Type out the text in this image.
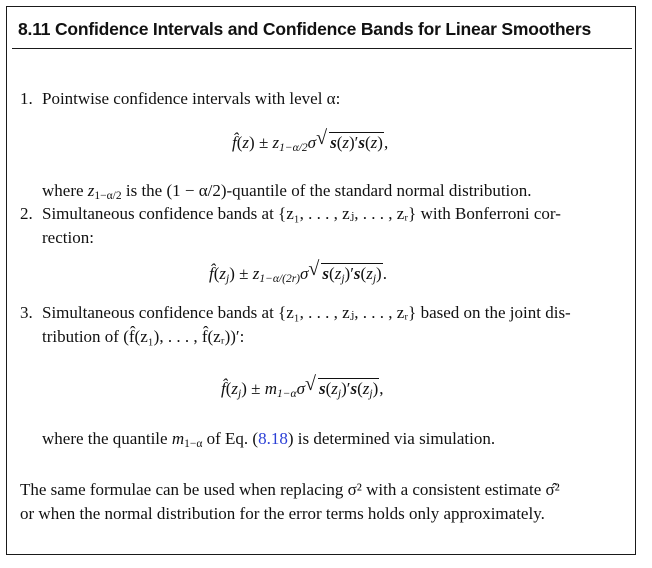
8.11 Confidence Intervals and Confidence Bands for Linear Smoothers
1. Pointwise confidence intervals with level α:
f̂(z) ± $z_{1-\alpha/2}\sigma$ √ s(z)′s(z),
where $z_{1-\alpha/2}$ is the (1 − α/2)-quantile of the standard normal distribution.
2. Simultaneous confidence bands at {z₁, . . . , zⱼ, . . . , zᵣ} with Bonferroni cor-
rection:
$f̂(z_j) \pm z_{1-\alpha/(2r)}\sigma$ √ $s(z_j)'s(z_j)$.
3. Simultaneous confidence bands at {z₁, . . . , zⱼ, . . . , zᵣ} based on the joint dis-
tribution of (f̂(z₁), . . . , f̂(zᵣ))′:
$f̂(z_j) \pm m_{1-\alpha}\sigma$ √ $s(z_j)'s(z_j)$,
where the quantile $m_{1-\alpha}$ of Eq. (8.18) is determined via simulation.
The same formulae can be used when replacing σ² with a consistent estimate σ̂²
or when the normal distribution for the error terms holds only approximately.
